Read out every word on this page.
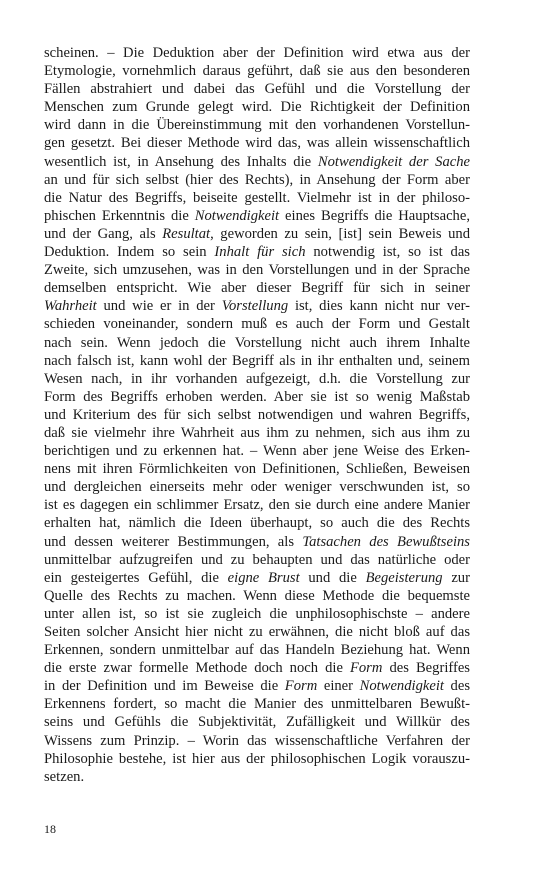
scheinen. – Die Deduktion aber der Definition wird etwa aus der
Etymologie, vornehmlich daraus geführt, daß sie aus den besonderen
Fällen abstrahiert und dabei das Gefühl und die Vorstellung der
Menschen zum Grunde gelegt wird. Die Richtigkeit der Definition
wird dann in die Übereinstimmung mit den vorhandenen Vorstellun-
gen gesetzt. Bei dieser Methode wird das, was allein wissenschaftlich
wesentlich ist, in Ansehung des Inhalts die Notwendigkeit der Sache
an und für sich selbst (hier des Rechts), in Ansehung der Form aber
die Natur des Begriffs, beiseite gestellt. Vielmehr ist in der philoso-
phischen Erkenntnis die Notwendigkeit eines Begriffs die Hauptsache,
und der Gang, als Resultat, geworden zu sein, [ist] sein Beweis und
Deduktion. Indem so sein Inhalt für sich notwendig ist, so ist das
Zweite, sich umzusehen, was in den Vorstellungen und in der Sprache
demselben entspricht. Wie aber dieser Begriff für sich in seiner
Wahrheit und wie er in der Vorstellung ist, dies kann nicht nur ver-
schieden voneinander, sondern muß es auch der Form und Gestalt
nach sein. Wenn jedoch die Vorstellung nicht auch ihrem Inhalte
nach falsch ist, kann wohl der Begriff als in ihr enthalten und, seinem
Wesen nach, in ihr vorhanden aufgezeigt, d.h. die Vorstellung zur
Form des Begriffs erhoben werden. Aber sie ist so wenig Maßstab
und Kriterium des für sich selbst notwendigen und wahren Begriffs,
daß sie vielmehr ihre Wahrheit aus ihm zu nehmen, sich aus ihm zu
berichtigen und zu erkennen hat. – Wenn aber jene Weise des Erken-
nens mit ihren Förmlichkeiten von Definitionen, Schließen, Beweisen
und dergleichen einerseits mehr oder weniger verschwunden ist, so
ist es dagegen ein schlimmer Ersatz, den sie durch eine andere Manier
erhalten hat, nämlich die Ideen überhaupt, so auch die des Rechts
und dessen weiterer Bestimmungen, als Tatsachen des Bewußtseins
unmittelbar aufzugreifen und zu behaupten und das natürliche oder
ein gesteigertes Gefühl, die eigne Brust und die Begeisterung zur
Quelle des Rechts zu machen. Wenn diese Methode die bequemste
unter allen ist, so ist sie zugleich die unphilosophischste – andere
Seiten solcher Ansicht hier nicht zu erwähnen, die nicht bloß auf das
Erkennen, sondern unmittelbar auf das Handeln Beziehung hat. Wenn
die erste zwar formelle Methode doch noch die Form des Begriffes
in der Definition und im Beweise die Form einer Notwendigkeit des
Erkennens fordert, so macht die Manier des unmittelbaren Bewußt-
seins und Gefühls die Subjektivität, Zufälligkeit und Willkür des
Wissens zum Prinzip. – Worin das wissenschaftliche Verfahren der
Philosophie bestehe, ist hier aus der philosophischen Logik vorauszu-
setzen.
18
